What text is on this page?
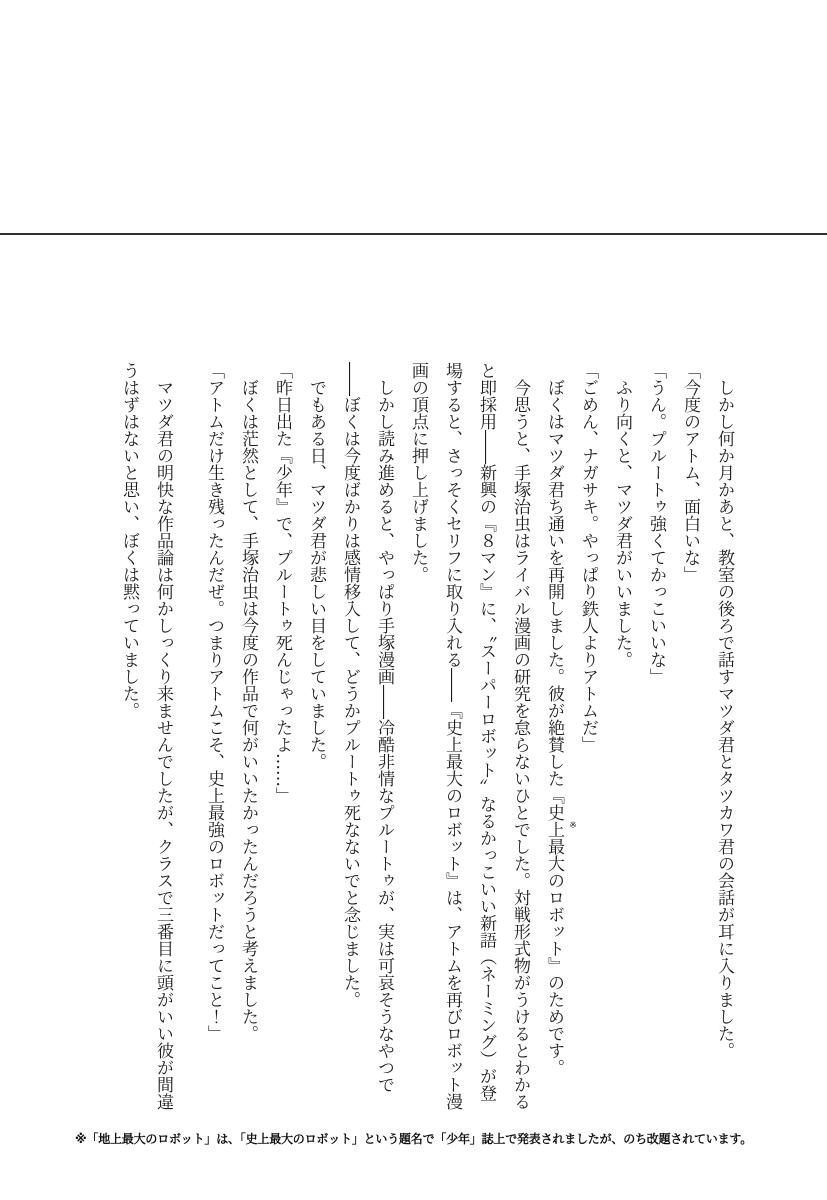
しかし何か月かあと、教室の後ろで話すマツダ君とタツカワ君の会話が耳に入りました。

「今度のアトム、面白いな」

「うん。プルートゥ強くてかっこいいな」

ふり向くと、マツダ君がいいました。

「ごめん、ナガサキ。やっぱり鉄人よりアトムだ」

ぼくはマツダ君ち通いを再開しました。彼が絶賛した『
※
史上最大のロボット』のためです。

今思うと、手塚治虫はライバル漫画の研究を怠らないひとでした。対戦形式物がうけるとわかると即採用――新興の『８マン』に、〝スーパーロボット〟なるかっこいい新語（ネーミング）が登場すると、さっそくセリフに取り入れる――『史上最大のロボット』は、アトムを再びロボット漫画の頂点に押し上げました。

しかし読み進めると、やっぱり手塚漫画――冷酷非情なプルートゥが、実は可哀そうなやつで――ぼくは今度ばかりは感情移入して、どうかプルートゥ死なないでと念じました。

でもある日、マツダ君が悲しい目をしていました。

「昨日出た『少年』で、プルートゥ死んじゃったよ……」

ぼくは茫然として、手塚治虫は今度の作品で何がいいたかったんだろうと考えました。

「アトムだけ生き残ったんだぜ。つまりアトムこそ、史上最強のロボットだってこと！」

マツダ君の明快な作品論は何かしっくり来ませんでしたが、クラスで三番目に頭がいい彼が間違うはずはないと思い、ぼくは黙っていました。

※「地上最大のロボット」は、「史上最大のロボット」という題名で「少年」誌上で発表されましたが、のち改題されています。
